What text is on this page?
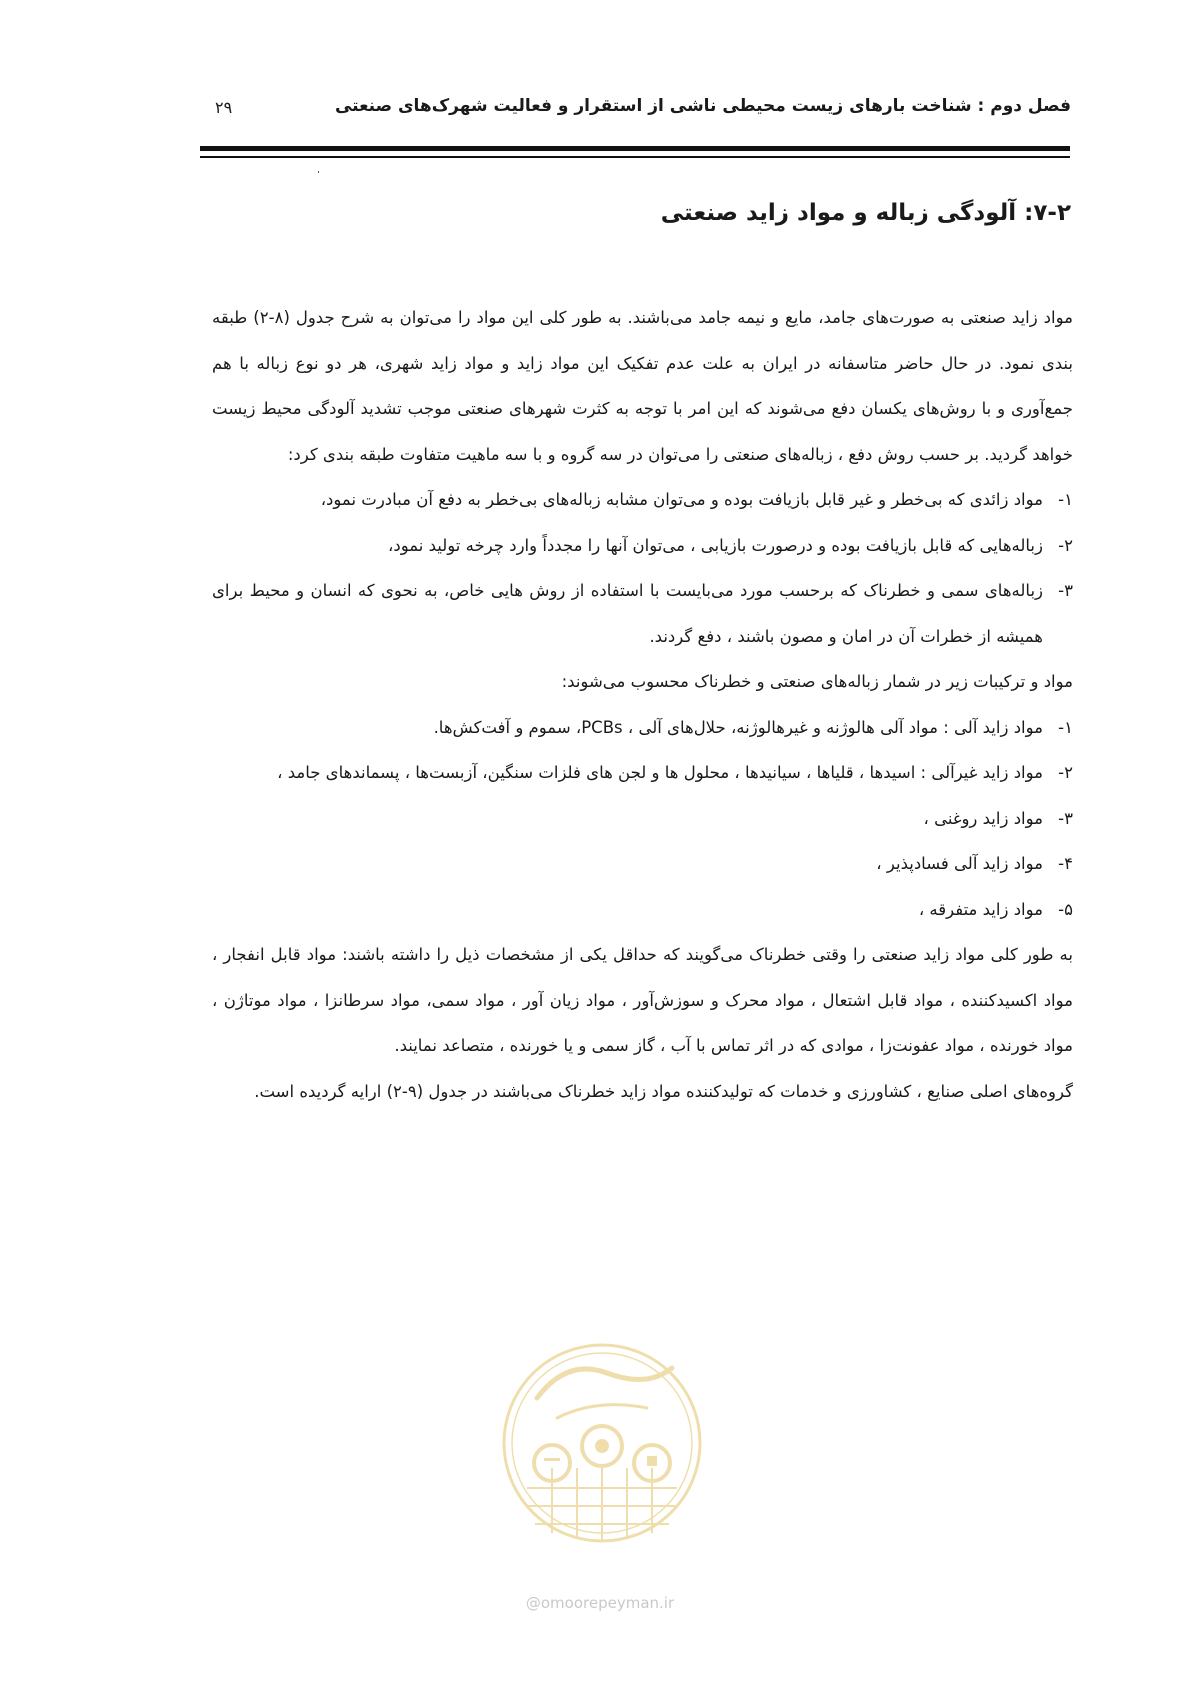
فصل دوم : شناخت بارهای زیست محیطی ناشی از استقرار و فعالیت شهرک‌های صنعتی
۲۹
۷-۲: آلودگی زباله و مواد زاید صنعتی

مواد زاید صنعتی به صورت‌های جامد، مایع و نیمه جامد می‌باشند. به طور کلی این مواد را می‌توان به شرح جدول (۸-۲) طبقه بندی نمود. در حال حاضر متاسفانه در ایران به علت عدم تفکیک این مواد زاید و مواد زاید شهری، هر دو نوع زباله با هم جمع‌آوری و با روش‌های یکسان دفع می‌شوند که این امر با توجه به کثرت شهرهای صنعتی موجب تشدید آلودگی محیط زیست خواهد گردید. بر حسب روش دفع ، زباله‌های صنعتی را می‌توان در سه گروه و با سه ماهیت متفاوت طبقه بندی کرد:

۱-
مواد زائدی که بی‌خطر و غیر قابل بازیافت بوده و می‌توان مشابه زباله‌های بی‌خطر به دفع آن مبادرت نمود،

۲-
زباله‌هایی که قابل بازیافت بوده و درصورت بازیابی ، می‌توان آنها را مجدداً وارد چرخه تولید نمود،

۳-
زباله‌های سمی و خطرناک که برحسب مورد می‌بایست با استفاده از روش هایی خاص، به نحوی که انسان و محیط برای همیشه از خطرات آن در امان و مصون باشند ، دفع گردند.

مواد و ترکیبات زیر در شمار زباله‌های صنعتی و خطرناک محسوب می‌شوند:

۱-
مواد زاید آلی : مواد آلی هالوژنه و غیرهالوژنه، حلال‌های آلی ، PCBs، سموم و آفت‌کش‌ها.

۲-
مواد زاید غیرآلی : اسیدها ، قلیاها ، سیانیدها ، محلول ها و لجن های فلزات سنگین، آزبست‌ها ، پسماندهای جامد ،

۳-
مواد زاید روغنی ،

۴-
مواد زاید آلی فسادپذیر ،

۵-
مواد زاید متفرقه ،

به طور کلی مواد زاید صنعتی را وقتی خطرناک می‌گویند که حداقل یکی از مشخصات ذیل را داشته باشند: مواد قابل انفجار ، مواد اکسیدکننده ، مواد قابل اشتعال ، مواد محرک و سوزش‌آور ، مواد زیان آور ، مواد سمی، مواد سرطانزا ، مواد موتاژن ، مواد خورنده ، مواد عفونت‌زا ، موادی که در اثر تماس با آب ، گاز سمی و یا خورنده ، متصاعد نمایند.

گروه‌های اصلی صنایع ، کشاورزی و خدمات که تولیدکننده مواد زاید خطرناک می‌باشند در جدول (۹-۲) ارایه گردیده است.

@omoorepeyman.ir
